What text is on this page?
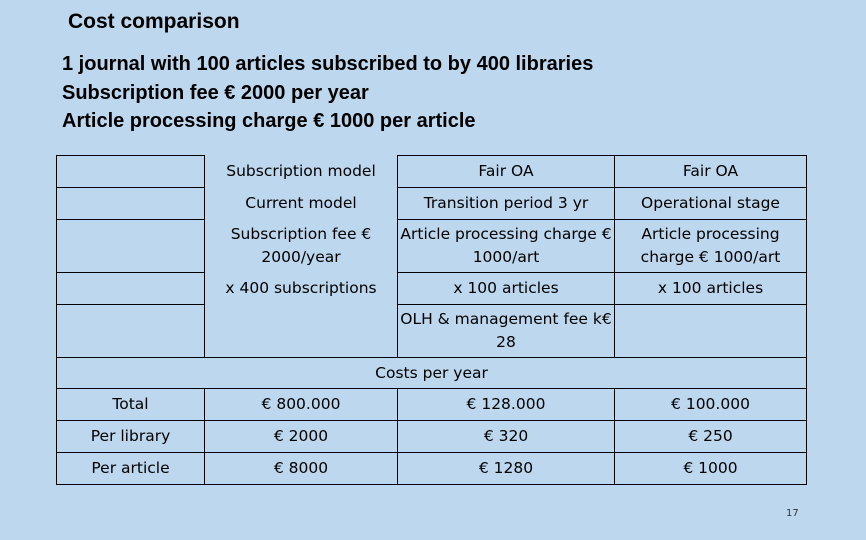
Cost comparison
1 journal with 100 articles subscribed to by 400 libraries
Subscription fee € 2000 per year
Article processing charge € 1000 per article
	Subscription model	Fair OA	Fair OA
	Current model	Transition period 3 yr	Operational stage
	Subscription fee € 2000/year	Article processing charge € 1000/art	Article processing charge € 1000/art
	x 400 subscriptions	x 100 articles	x 100 articles
		OLH & management fee k€ 28	
Costs per year			
Total	€ 800.000	€ 128.000	€ 100.000
Per library	€ 2000	€ 320	€ 250
Per article	€ 8000	€ 1280	€ 1000
17
